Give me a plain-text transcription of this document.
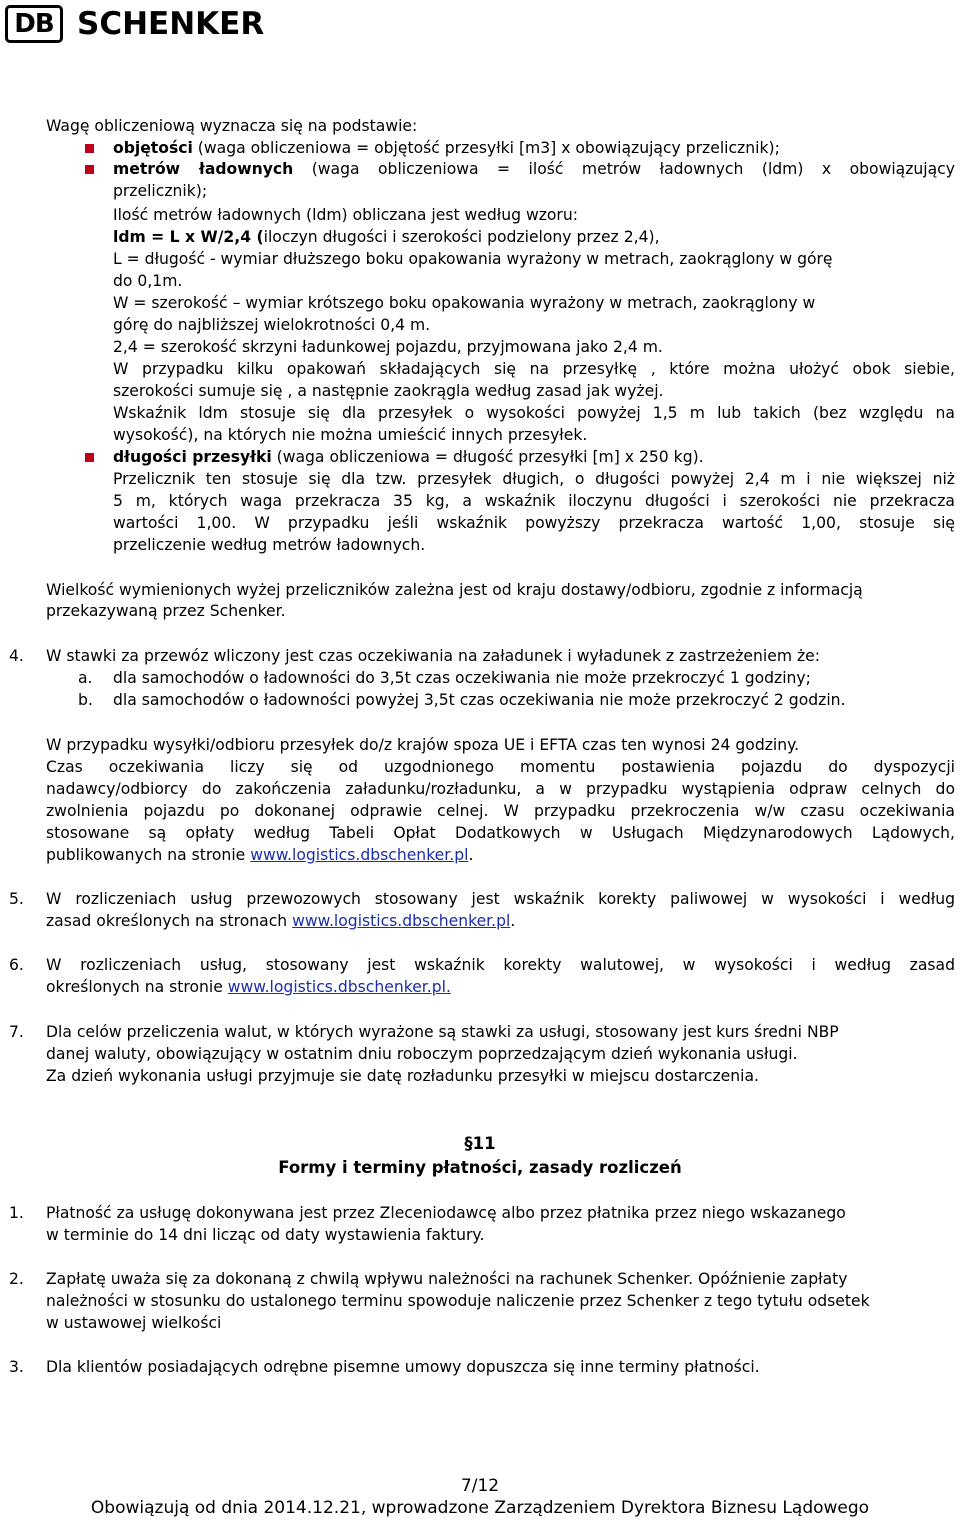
DB SCHENKER
Wagę obliczeniową wyznacza się na podstawie:
objętości (waga obliczeniowa = objętość przesyłki [m3] x obowiązujący przelicznik);
metrów ładownych (waga obliczeniowa = ilość metrów ładownych (ldm) x obowiązujący
przelicznik);
Ilość metrów ładownych (ldm) obliczana jest według wzoru:
ldm = L x W/2,4 (iloczyn długości i szerokości podzielony przez 2,4),
L = długość - wymiar dłuższego boku opakowania wyrażony w metrach, zaokrąglony w górę
do 0,1m.
W = szerokość – wymiar krótszego boku opakowania wyrażony w metrach, zaokrąglony w
górę do najbliższej wielokrotności 0,4 m.
2,4 = szerokość skrzyni ładunkowej pojazdu, przyjmowana jako 2,4 m.
W przypadku kilku opakowań składających się na przesyłkę , które można ułożyć obok siebie,
szerokości sumuje się , a następnie zaokrągla według zasad jak wyżej.
Wskaźnik ldm stosuje się dla przesyłek o wysokości powyżej 1,5 m lub takich (bez względu na
wysokość), na których nie można umieścić innych przesyłek.
długości przesyłki (waga obliczeniowa = długość przesyłki [m] x 250 kg).
Przelicznik ten stosuje się dla tzw. przesyłek długich, o długości powyżej 2,4 m i nie większej niż
5 m, których waga przekracza 35 kg, a wskaźnik iloczynu długości i szerokości nie przekracza
wartości 1,00. W przypadku jeśli wskaźnik powyższy przekracza wartość 1,00, stosuje się
przeliczenie według metrów ładownych.
Wielkość wymienionych wyżej przeliczników zależna jest od kraju dostawy/odbioru, zgodnie z informacją
przekazywaną przez Schenker.
4. W stawki za przewóz wliczony jest czas oczekiwania na załadunek i wyładunek z zastrzeżeniem że:
a. dla samochodów o ładowności do 3,5t czas oczekiwania nie może przekroczyć 1 godziny;
b. dla samochodów o ładowności powyżej 3,5t czas oczekiwania nie może przekroczyć 2 godzin.
W przypadku wysyłki/odbioru przesyłek do/z krajów spoza UE i EFTA czas ten wynosi 24 godziny.
Czas oczekiwania liczy się od uzgodnionego momentu postawienia pojazdu do dyspozycji
nadawcy/odbiorcy do zakończenia załadunku/rozładunku, a w przypadku wystąpienia odpraw celnych do
zwolnienia pojazdu po dokonanej odprawie celnej. W przypadku przekroczenia w/w czasu oczekiwania
stosowane są opłaty według Tabeli Opłat Dodatkowych w Usługach Międzynarodowych Lądowych,
publikowanych na stronie www.logistics.dbschenker.pl.
5. W rozliczeniach usług przewozowych stosowany jest wskaźnik korekty paliwowej w wysokości i według
zasad określonych na stronach www.logistics.dbschenker.pl.
6. W rozliczeniach usług, stosowany jest wskaźnik korekty walutowej, w wysokości i według zasad
określonych na stronie www.logistics.dbschenker.pl.
7. Dla celów przeliczenia walut, w których wyrażone są stawki za usługi, stosowany jest kurs średni NBP
danej waluty, obowiązujący w ostatnim dniu roboczym poprzedzającym dzień wykonania usługi.
Za dzień wykonania usługi przyjmuje sie datę rozładunku przesyłki w miejscu dostarczenia.
§11
Formy i terminy płatności, zasady rozliczeń
1. Płatność za usługę dokonywana jest przez Zleceniodawcę albo przez płatnika przez niego wskazanego
w terminie do 14 dni licząc od daty wystawienia faktury.
2. Zapłatę uważa się za dokonaną z chwilą wpływu należności na rachunek Schenker. Opóźnienie zapłaty
należności w stosunku do ustalonego terminu spowoduje naliczenie przez Schenker z tego tytułu odsetek
w ustawowej wielkości
3. Dla klientów posiadających odrębne pisemne umowy dopuszcza się inne terminy płatności.
7/12
Obowiązują od dnia 2014.12.21, wprowadzone Zarządzeniem Dyrektora Biznesu Lądowego
